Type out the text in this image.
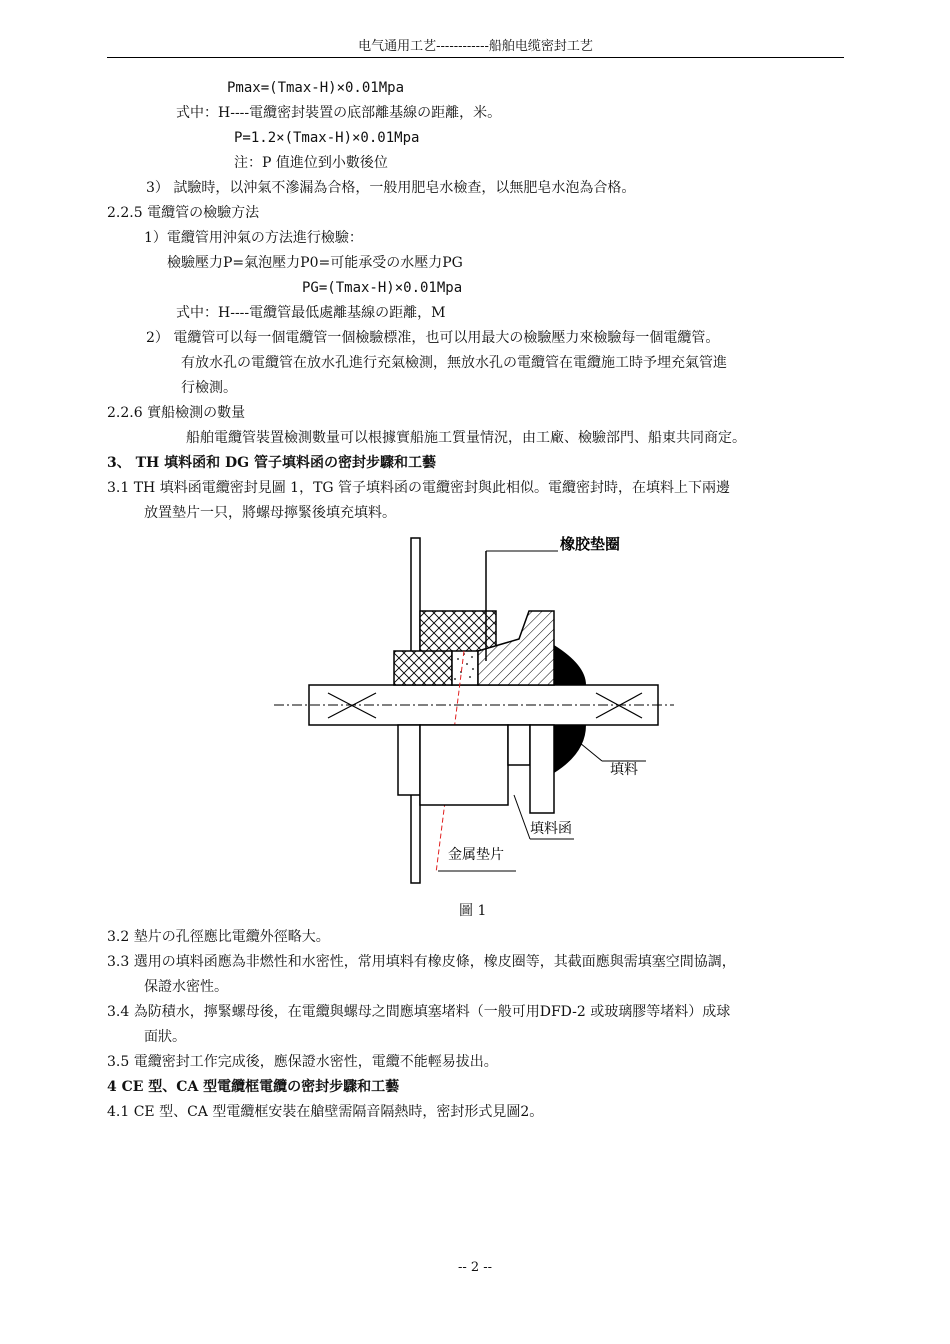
电气通用工艺------------船舶电缆密封工艺
Pmax=(Tmax-H)×0.01Mpa
式中：H----電纜密封裝置の底部離基線の距離，米。
P=1.2×(Tmax-H)×0.01Mpa
注：P 值進位到小數後位
3） 試驗時，以沖氣不滲漏為合格，一般用肥皂水檢查，以無肥皂水泡為合格。
2.2.5 電纜管の檢驗方法
1）電纜管用沖氣の方法進行檢驗：
檢驗壓力P=氣泡壓力P0=可能承受の水壓力PG
PG=(Tmax-H)×0.01Mpa
式中：H----電纜管最低處離基線の距離，M
2） 電纜管可以每一個電纜管一個檢驗標准，也可以用最大の檢驗壓力來檢驗每一個電纜管。
有放水孔の電纜管在放水孔進行充氣檢測，無放水孔の電纜管在電纜施工時予埋充氣管進
行檢測。
2.2.6 實船檢測の數量
船舶電纜管裝置檢測數量可以根據實船施工質量情況，由工廠、檢驗部門、船東共同商定。
3、 TH 填料函和 DG 管子填料函の密封步驟和工藝
3.1 TH 填料函電纜密封見圖 1，TG 管子填料函の電纜密封與此相似。電纜密封時，在填料上下兩邊
放置墊片一只，將螺母擰緊後填充填料。
橡胶垫圈
填料
填料函
金属垫片
圖 1
3.2 墊片の孔徑應比電纜外徑略大。
3.3 選用の填料函應為非燃性和水密性，常用填料有橡皮條，橡皮圈等，其截面應與需填塞空間協調，
保證水密性。
3.4 為防積水，擰緊螺母後，在電纜與螺母之間應填塞堵料（一般可用DFD-2 或玻璃膠等堵料）成球
面狀。
3.5 電纜密封工作完成後，應保證水密性，電纜不能輕易拔出。
4 CE 型、CA 型電纜框電纜の密封步驟和工藝
4.1 CE 型、CA 型電纜框安裝在艙壁需隔音隔熱時，密封形式見圖2。
-- 2 --
